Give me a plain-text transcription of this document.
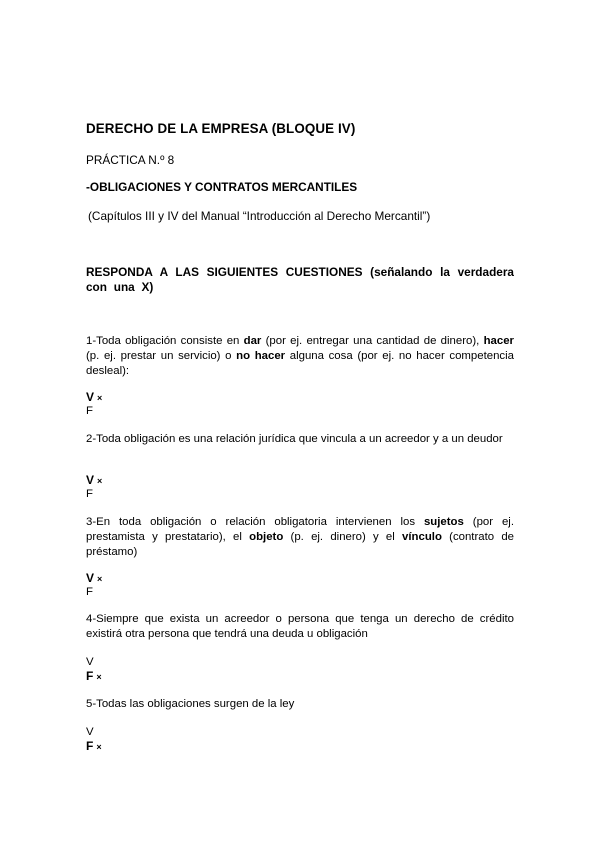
DERECHO DE LA EMPRESA (BLOQUE IV)
PRÁCTICA N.º 8
-OBLIGACIONES Y CONTRATOS MERCANTILES
(Capítulos III y IV del Manual “Introducción al Derecho Mercantil”)
RESPONDA A LAS SIGUIENTES CUESTIONES (señalando la verdadera con una X)
1-Toda obligación consiste en dar (por ej. entregar una cantidad de dinero), hacer (p. ej. prestar un servicio) o no hacer alguna cosa (por ej. no hacer competencia desleal):
V ×
F
2-Toda obligación es una relación jurídica que vincula a un acreedor y a un deudor
V ×
F
3-En toda obligación o relación obligatoria intervienen los sujetos (por ej. prestamista y prestatario), el objeto (p. ej. dinero) y el vínculo (contrato de préstamo)
V ×
F
4-Siempre que exista un acreedor o persona que tenga un derecho de crédito existirá otra persona que tendrá una deuda u obligación
V
F ×
5-Todas las obligaciones surgen de la ley
V
F ×
